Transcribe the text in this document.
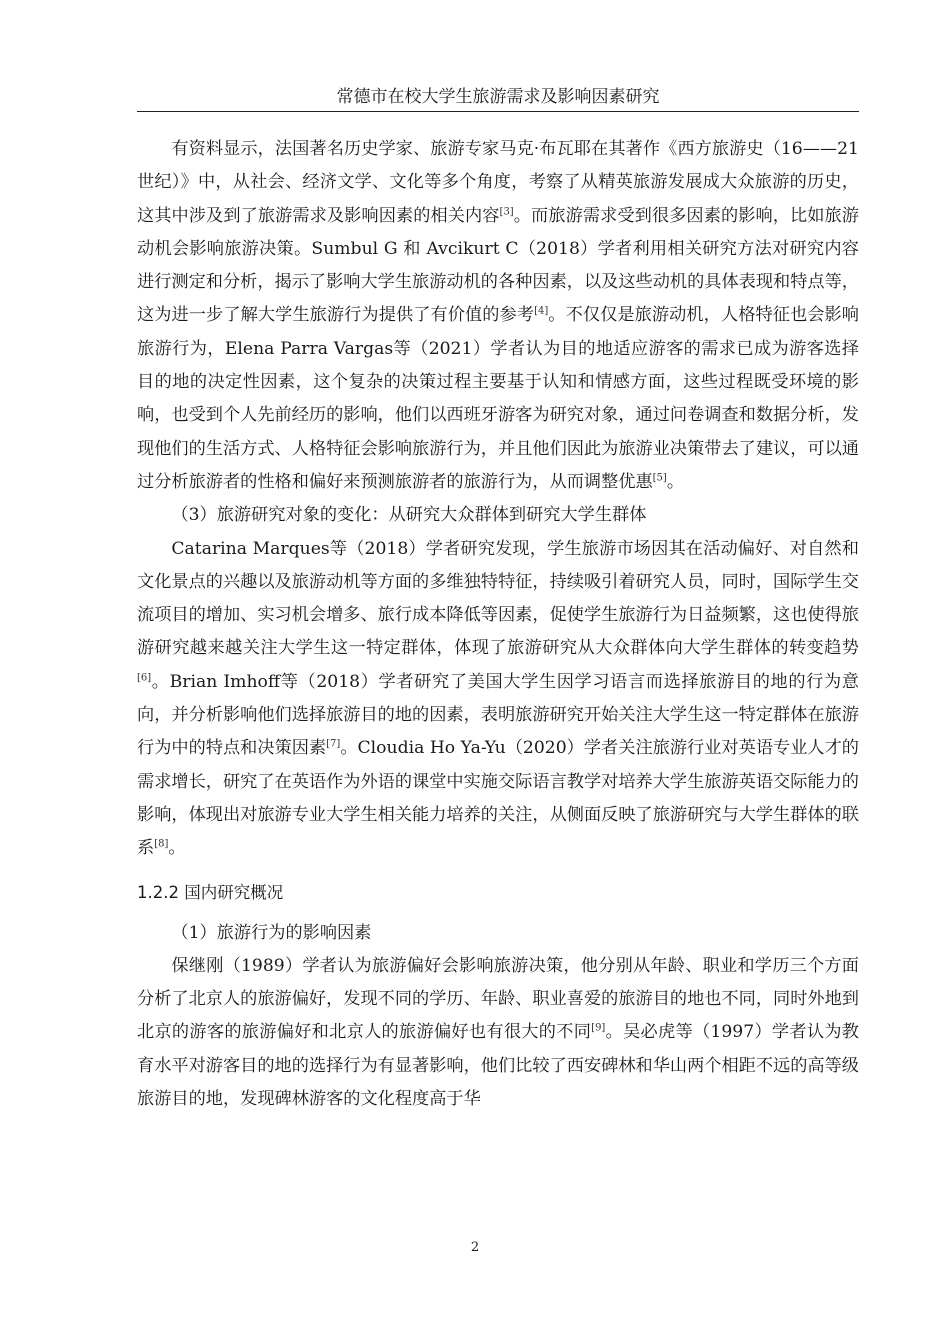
常德市在校大学生旅游需求及影响因素研究

有资料显示，法国著名历史学家、旅游专家马克·布瓦耶在其著作《西方旅游史（16——21世纪）》中，从社会、经济文学、文化等多个角度，考察了从精英旅游发展成大众旅游的历史，这其中涉及到了旅游需求及影响因素的相关内容[3]。而旅游需求受到很多因素的影响，比如旅游动机会影响旅游决策。Sumbul G 和 Avcikurt C（2018）学者利用相关研究方法对研究内容进行测定和分析，揭示了影响大学生旅游动机的各种因素，以及这些动机的具体表现和特点等，这为进一步了解大学生旅游行为提供了有价值的参考[4]。不仅仅是旅游动机，人格特征也会影响旅游行为，Elena Parra Vargas等（2021）学者认为目的地适应游客的需求已成为游客选择目的地的决定性因素，这个复杂的决策过程主要基于认知和情感方面，这些过程既受环境的影响，也受到个人先前经历的影响，他们以西班牙游客为研究对象，通过问卷调查和数据分析，发现他们的生活方式、人格特征会影响旅游行为，并且他们因此为旅游业决策带去了建议，可以通过分析旅游者的性格和偏好来预测旅游者的旅游行为，从而调整优惠[5]。

（3）旅游研究对象的变化：从研究大众群体到研究大学生群体

Catarina Marques等（2018）学者研究发现，学生旅游市场因其在活动偏好、对自然和文化景点的兴趣以及旅游动机等方面的多维独特特征，持续吸引着研究人员，同时，国际学生交流项目的增加、实习机会增多、旅行成本降低等因素，促使学生旅游行为日益频繁，这也使得旅游研究越来越关注大学生这一特定群体，体现了旅游研究从大众群体向大学生群体的转变趋势[6]。Brian Imhoff等（2018）学者研究了美国大学生因学习语言而选择旅游目的地的行为意向，并分析影响他们选择旅游目的地的因素，表明旅游研究开始关注大学生这一特定群体在旅游行为中的特点和决策因素[7]。Cloudia Ho Ya-Yu（2020）学者关注旅游行业对英语专业人才的需求增长，研究了在英语作为外语的课堂中实施交际语言教学对培养大学生旅游英语交际能力的影响，体现出对旅游专业大学生相关能力培养的关注，从侧面反映了旅游研究与大学生群体的联系[8]。

1.2.2 国内研究概况

（1）旅游行为的影响因素

保继刚（1989）学者认为旅游偏好会影响旅游决策，他分别从年龄、职业和学历三个方面分析了北京人的旅游偏好，发现不同的学历、年龄、职业喜爱的旅游目的地也不同，同时外地到北京的游客的旅游偏好和北京人的旅游偏好也有很大的不同[9]。吴必虎等（1997）学者认为教育水平对游客目的地的选择行为有显著影响，他们比较了西安碑林和华山两个相距不远的高等级旅游目的地，发现碑林游客的文化程度高于华

2
